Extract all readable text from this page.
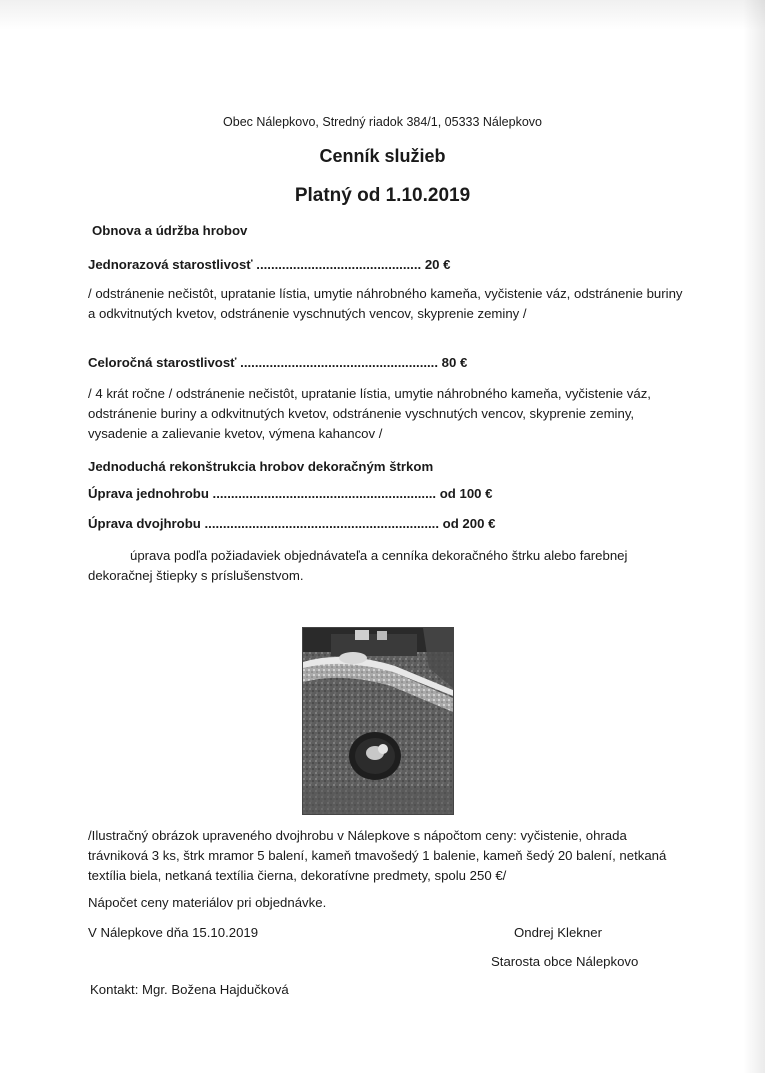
Obec Nálepkovo, Stredný riadok 384/1, 05333 Nálepkovo
Cenník služieb
Platný od 1.10.2019
Obnova a údržba hrobov
Jednorazová starostlivosť ............................................. 20 €
/ odstránenie nečistôt, upratanie lístia, umytie náhrobného kameňa, vyčistenie váz, odstránenie buriny a odkvitnutých kvetov, odstránenie vyschnutých vencov, skyprenie zeminy /
Celoročná starostlivosť ...................................................... 80 €
/ 4 krát ročne / odstránenie nečistôt, upratanie lístia, umytie náhrobného kameňa, vyčistenie váz, odstránenie buriny a odkvitnutých kvetov, odstránenie vyschnutých vencov, skyprenie zeminy, vysadenie a zalievanie kvetov, výmena kahancov /
Jednoduchá rekonštrukcia hrobov dekoračným štrkom
Úprava jednohrobu ............................................................. od 100 €
Úprava dvojhrobu ................................................................ od 200 €
úprava podľa požiadaviek objednávateľa a cenníka dekoračného štrku alebo farebnej dekoračnej štiepky s príslušenstvom.
/Ilustračný obrázok upraveného dvojhrobu v Nálepkove s nápočtom ceny: vyčistenie, ohrada trávniková 3 ks, štrk mramor 5 balení, kameň tmavošedý 1 balenie, kameň šedý 20 balení, netkaná textília biela, netkaná textília čierna, dekoratívne predmety, spolu 250 €/
Nápočet ceny materiálov pri objednávke.
V Nálepkove dňa 15.10.2019	Ondrej Klekner
Starosta obce Nálepkovo
Kontakt: Mgr. Božena Hajdučková
